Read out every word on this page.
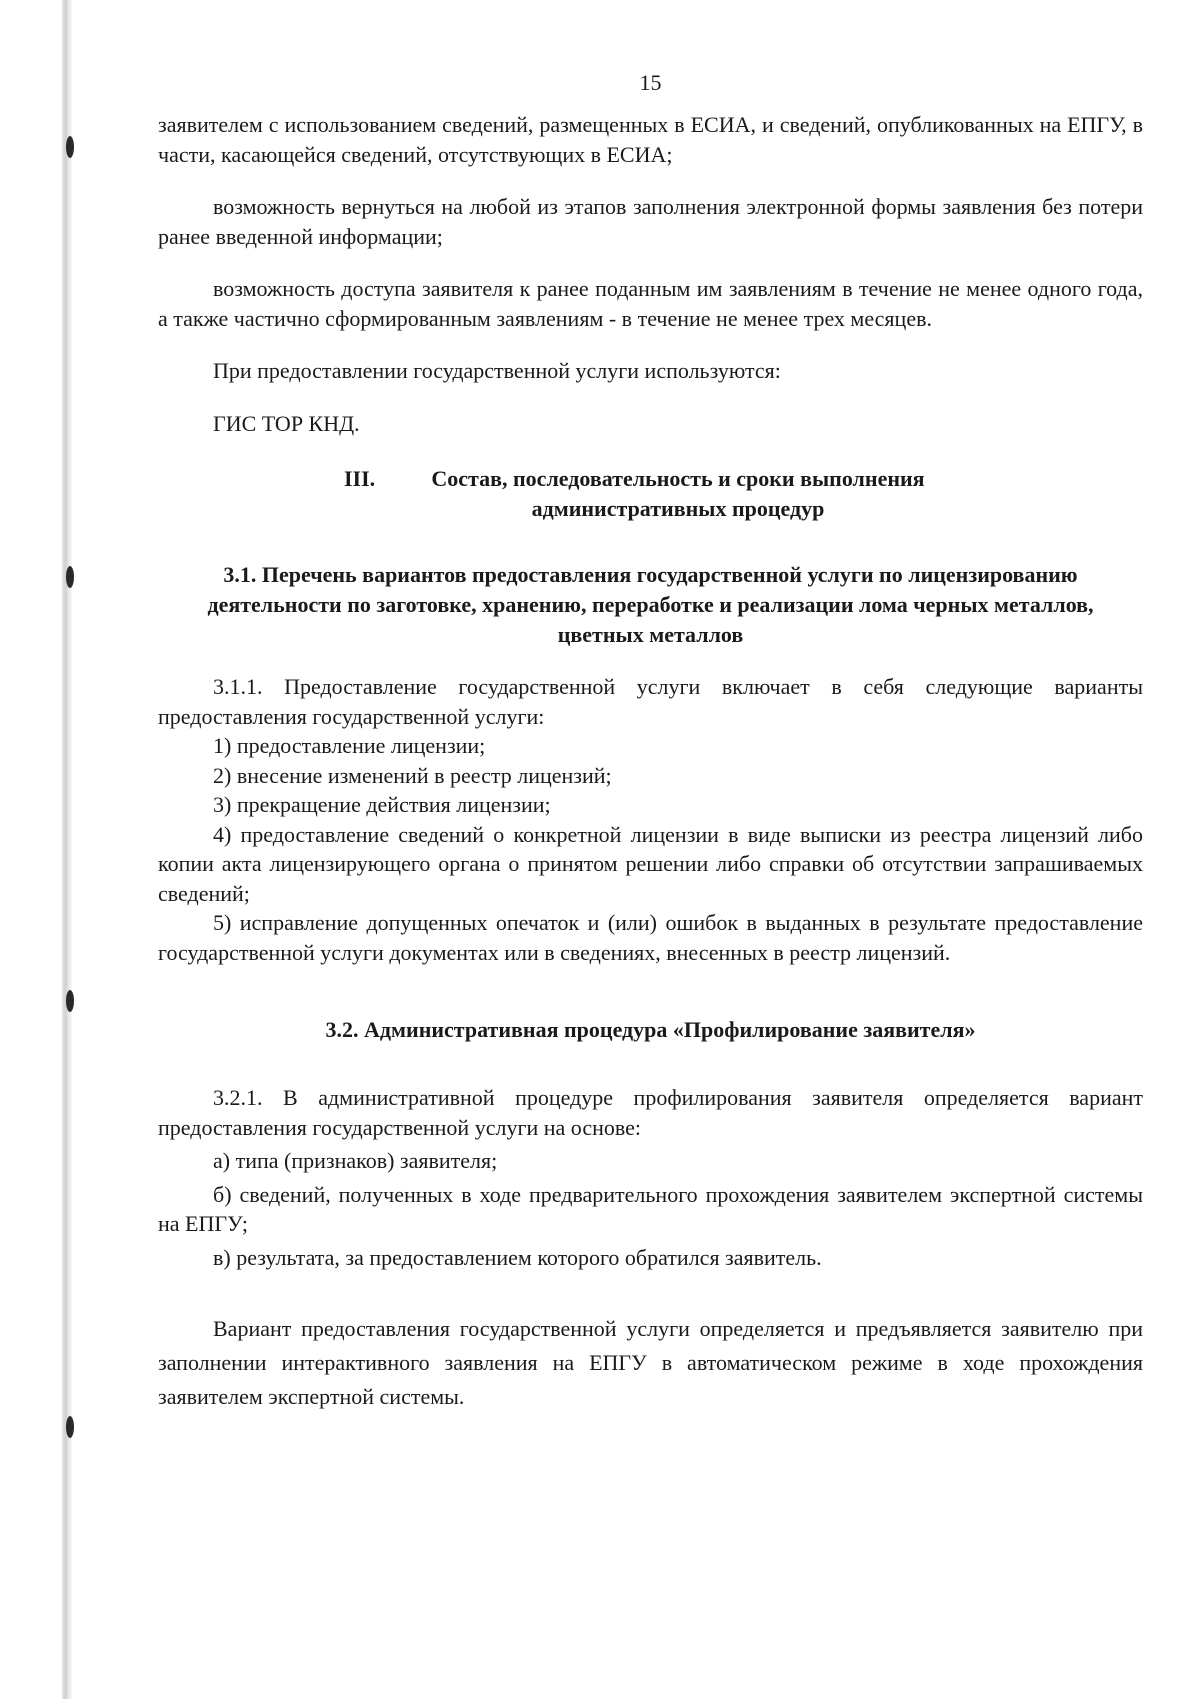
15

заявителем с использованием сведений, размещенных в ЕСИА, и сведений, опубликованных на ЕПГУ, в части, касающейся сведений, отсутствующих в ЕСИА;

возможность вернуться на любой из этапов заполнения электронной формы заявления без потери ранее введенной информации;

возможность доступа заявителя к ранее поданным им заявлениям в течение не менее одного года, а также частично сформированным заявлениям - в течение не менее трех месяцев.

При предоставлении государственной услуги используются:

ГИС ТОР КНД.

III.	Состав, последовательность и сроки выполнения
административных процедур
3.1. Перечень вариантов предоставления государственной услуги по лицензированию деятельности по заготовке, хранению, переработке и реализации лома черных металлов, цветных металлов

3.1.1. Предоставление государственной услуги включает в себя следующие варианты предоставления государственной услуги:

1) предоставление лицензии;

2) внесение изменений в реестр лицензий;

3) прекращение действия лицензии;

4) предоставление сведений о конкретной лицензии в виде выписки из реестра лицензий либо копии акта лицензирующего органа о принятом решении либо справки об отсутствии запрашиваемых сведений;

5) исправление допущенных опечаток и (или) ошибок в выданных в результате предоставление государственной услуги документах или в сведениях, внесенных в реестр лицензий.

3.2. Административная процедура «Профилирование заявителя»

3.2.1. В административной процедуре профилирования заявителя определяется вариант предоставления государственной услуги на основе:

а) типа (признаков) заявителя;

б) сведений, полученных в ходе предварительного прохождения заявителем экспертной системы на ЕПГУ;

в) результата, за предоставлением которого обратился заявитель.

Вариант предоставления государственной услуги определяется и предъявляется заявителю при заполнении интерактивного заявления на ЕПГУ в автоматическом режиме в ходе прохождения заявителем экспертной системы.
